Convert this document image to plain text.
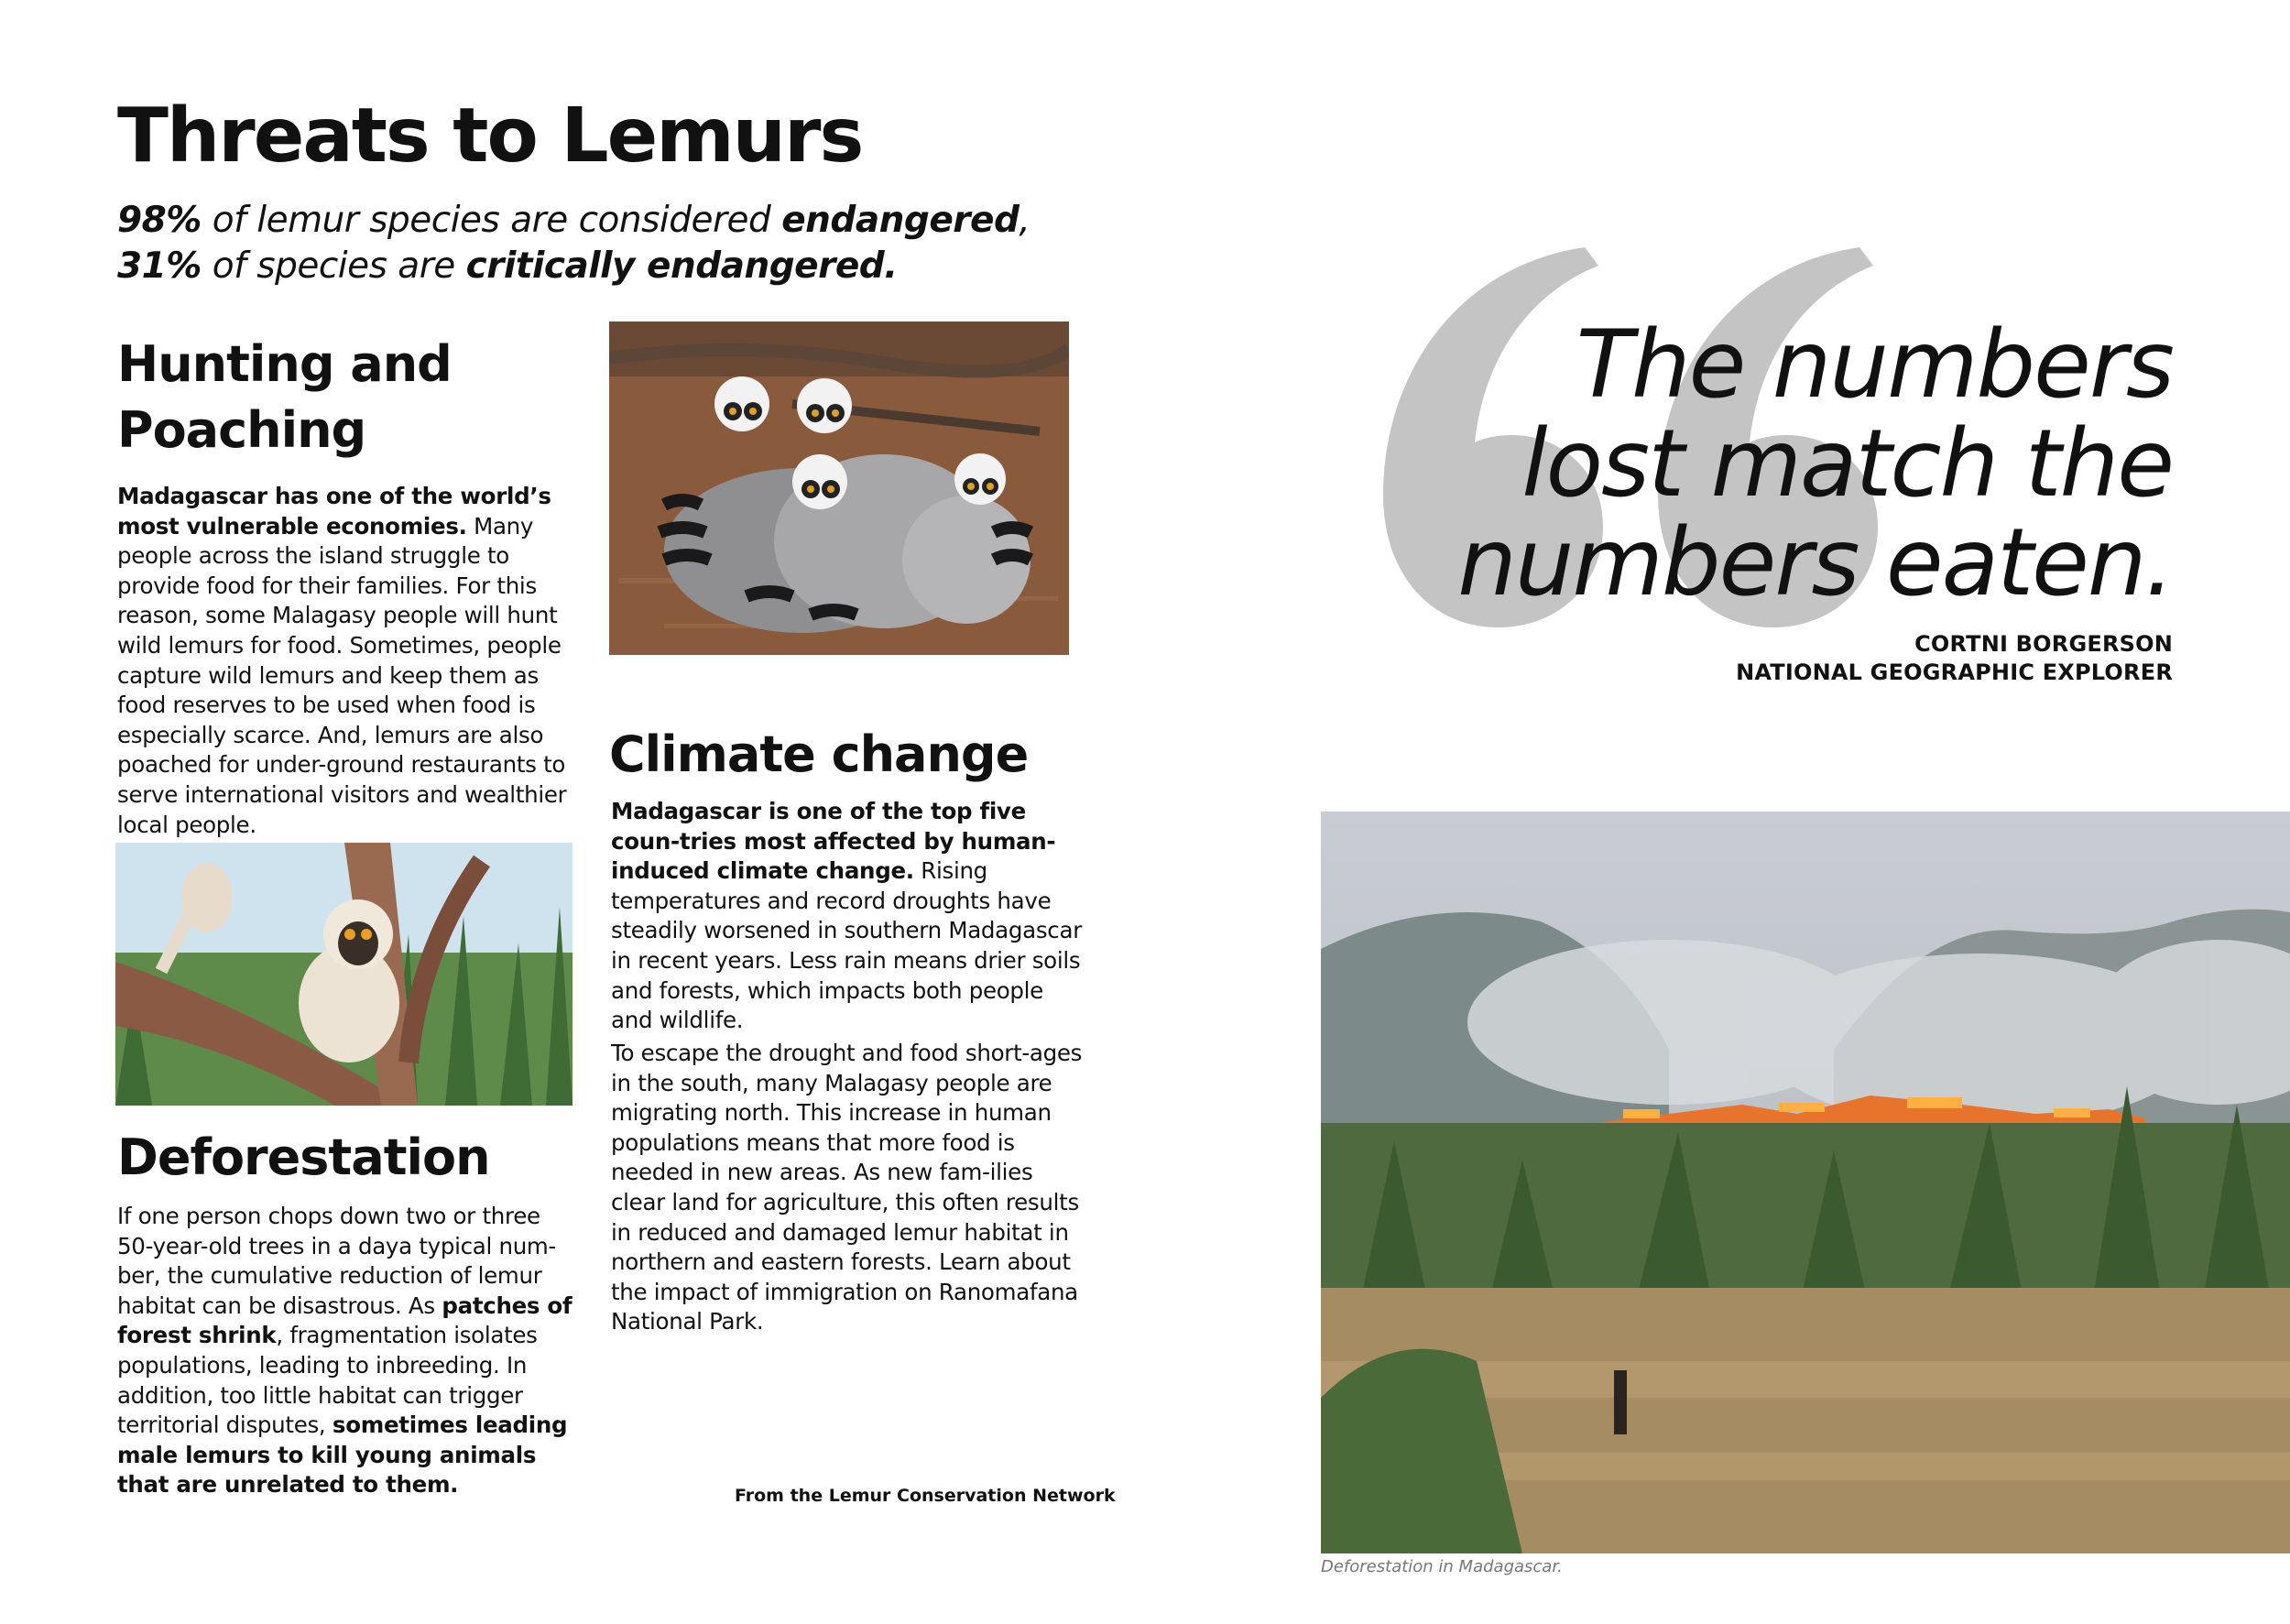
Threats to Lemurs
98% of lemur species are considered endangered,
31% of species are critically endangered.
Hunting and
Poaching
Madagascar has one of the world’s most vulnerable economies. Many people across the island struggle to provide food for their families. For this reason, some Malagasy people will hunt wild lemurs for food. Sometimes, people capture wild lemurs and keep them as food reserves to be used when food is especially scarce. And, lemurs are also poached for under-ground restaurants to serve international visitors and wealthier local people.
Deforestation
If one person chops down two or three 50-year-old trees in a daya typical num-ber, the cumulative reduction of lemur habitat can be disastrous. As patches of forest shrink, fragmentation isolates populations, leading to inbreeding. In addition, too little habitat can trigger territorial disputes, sometimes leading male lemurs to kill young animals that are unrelated to them.
Climate change
Madagascar is one of the top five coun-tries most affected by human-induced climate change. Rising temperatures and record droughts have steadily worsened in southern Madagascar in recent years. Less rain means drier soils and forests, which impacts both people and wildlife.
To escape the drought and food short-ages in the south, many Malagasy people are migrating north. This increase in human populations means that more food is needed in new areas. As new fam-ilies clear land for agriculture, this often results in reduced and damaged lemur habitat in northern and eastern forests. Learn about the impact of immigration on Ranomafana National Park.
From the Lemur Conservation Network
The numbers
lost match the
numbers eaten.
CORTNI BORGERSON
NATIONAL GEOGRAPHIC EXPLORER
Deforestation in Madagascar.
